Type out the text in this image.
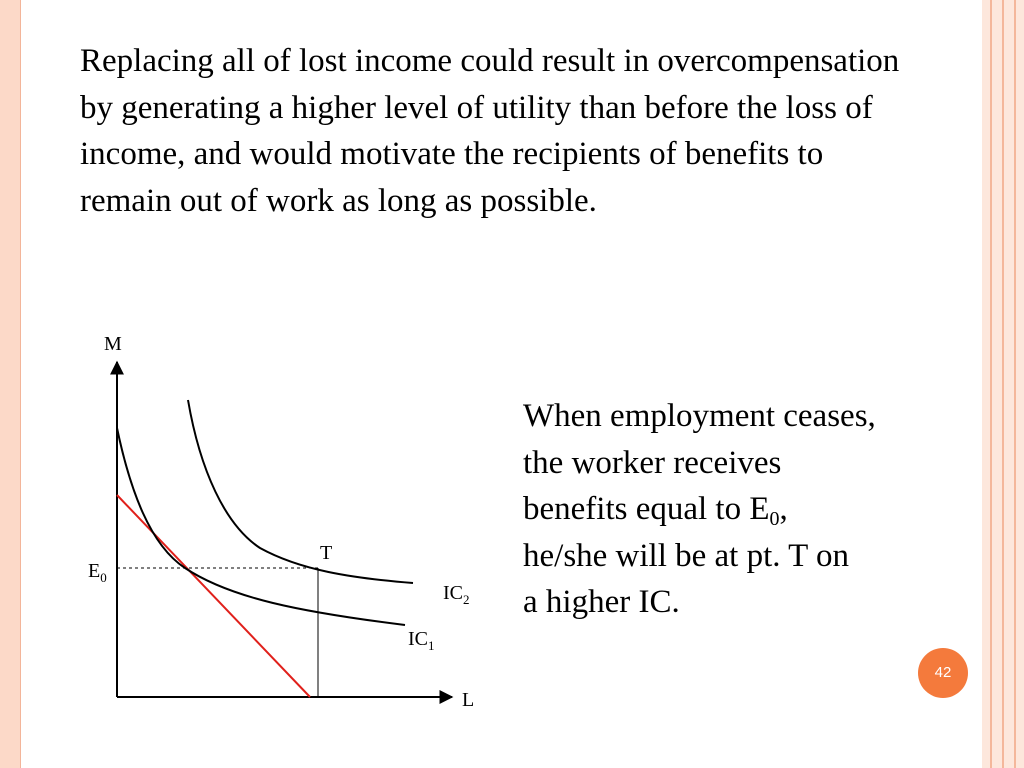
Replacing all of lost income could result in overcompensation by generating a higher level of utility than before the loss of income, and would motivate the recipients of benefits to remain out of work as long as possible.

M
L
$E_0$
T
$IC_2$
$IC_1$
When employment ceases,
the worker receives
benefits equal to $E_0$,
he/she will be at pt. T on
a higher IC.
42
